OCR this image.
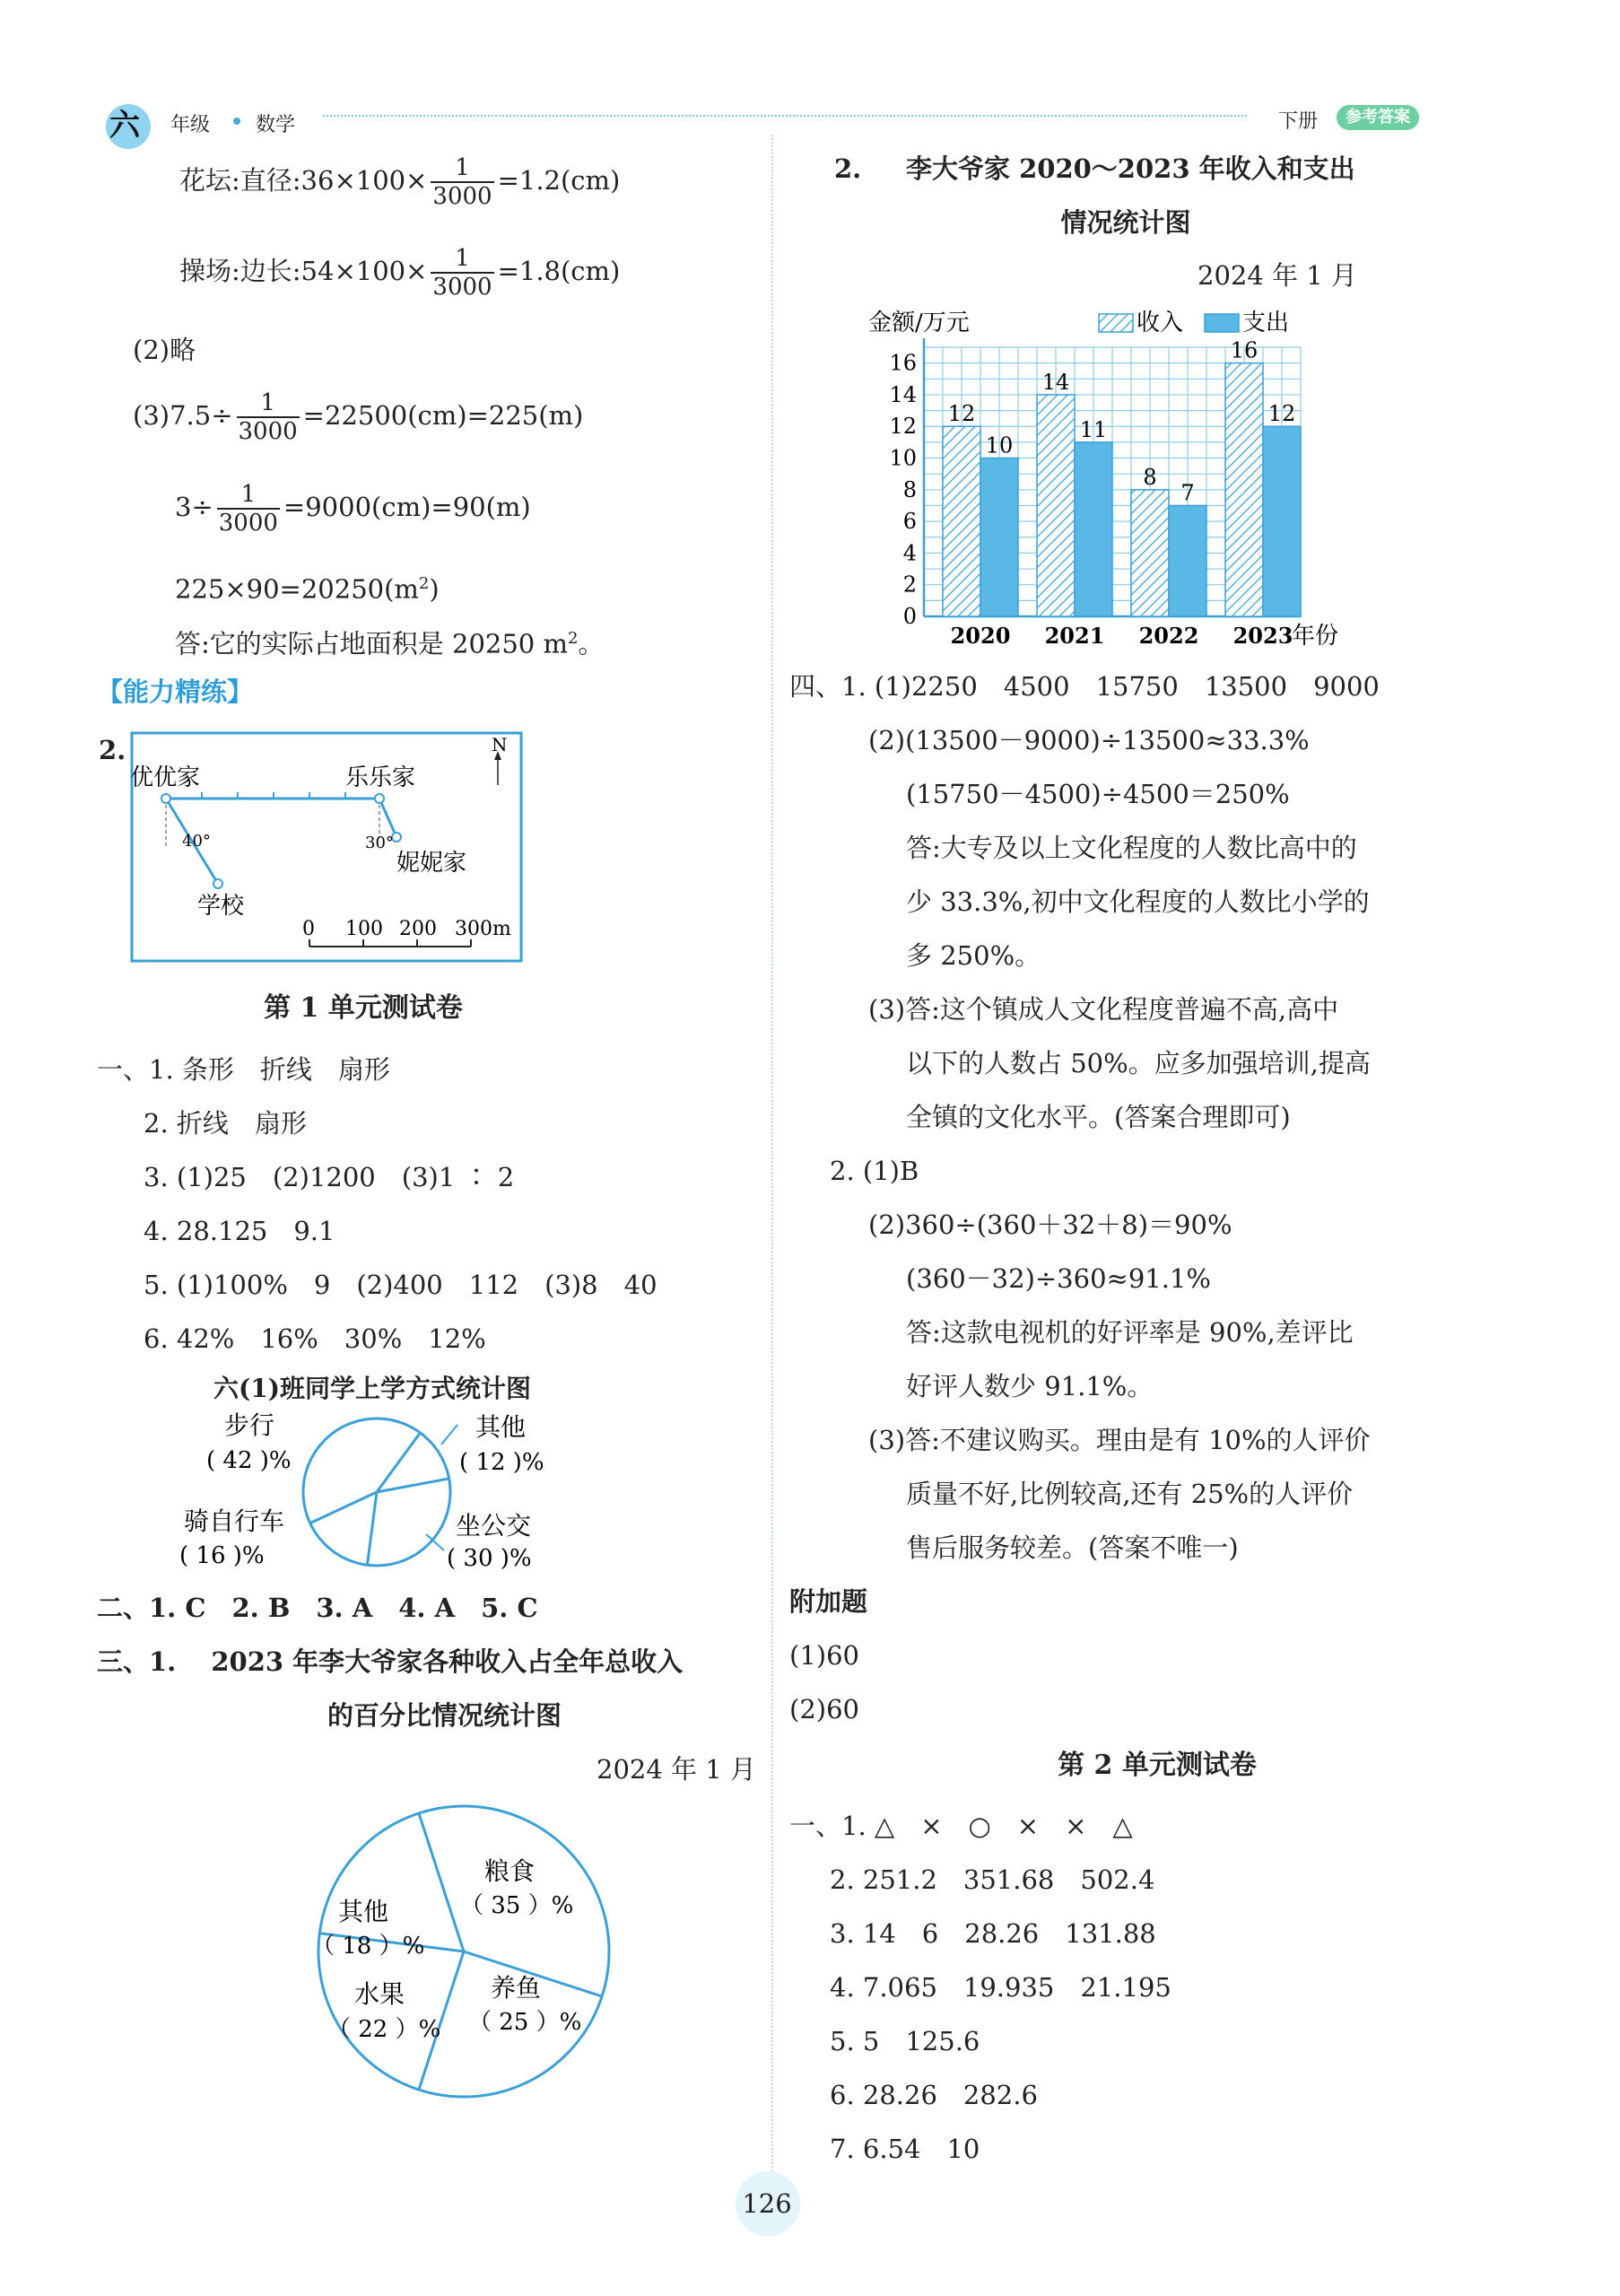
六 年级 数学	下册	参考答案
花坛:直径:36×100× $\frac{1}{3000} =1.2(cm)$
操场:边长:54×100× $\frac{1}{3000} =1.8(cm)$
(2)略
$(3)7.5\div \frac{1}{3000} =22500(cm)=225(m)$
$3\div \frac{1}{3000} =9000(cm)=90(m)$
$225\times 90=20250(m^2)$
答:它的实际占地面积是 20250 $m^2$。
【能力精练】
2.	N
优优家	乐乐家
妮妮家
学校
40°	30°
0 100 200 300m
第 1 单元测试卷
一、1. 条形　折线　扇形
2. 折线　扇形
3. (1)25　(2)1200　(3)1 ∶ 2
4. 28.125　9.1
5. (1)100%　9　(2)400　112　(3)8　40
6. 42%　16%　30%　12%
六(1)班同学上学方式统计图
步行
( 42 )%
其他
( 12 )%
骑自行车
( 16 )%
坐公交
( 30 )%
二、1. C　2. B　3. A　4. A　5. C
三、1.　 2023 年李大爷家各种收入占全年总收入
的百分比情况统计图
2024 年 1 月
粮食
（ 35 ）%
其他
（ 18 ）%
水果
（ 22 ）%
养鱼
（ 25 ）%
2. 李大爷家 2020～2023 年收入和支出
情况统计图
2024 年 1 月
金额/万元	收入	支出
0
2
4
6
8
10
12
14
16
12
10
14
11
8
7
16
12
2020 2021 2022 2023
年份
四、1. (1)2250　4500　15750　13500　9000
(2)(13500－9000)÷13500≈33.3%
(15750－4500)÷4500＝250%
答:大专及以上文化程度的人数比高中的
少 33.3%,初中文化程度的人数比小学的
多 250%。
(3)答:这个镇成人文化程度普遍不高,高中
以下的人数占 50%。应多加强培训,提高
全镇的文化水平。(答案合理即可)
2. (1)B
(2)360÷(360＋32＋8)＝90%
(360－32)÷360≈91.1%
答:这款电视机的好评率是 90%,差评比
好评人数少 91.1%。
(3)答:不建议购买。理由是有 10%的人评价
质量不好,比例较高,还有 25%的人评价
售后服务较差。(答案不唯一)
附加题
(1)60
(2)60
第 2 单元测试卷
一、1. △　×　○　×　×　△
2. 251.2　351.68　502.4
3. 14　6　28.26　131.88
4. 7.065　19.935　21.195
5. 5　125.6
6. 28.26　282.6
7. 6.54　10
126
